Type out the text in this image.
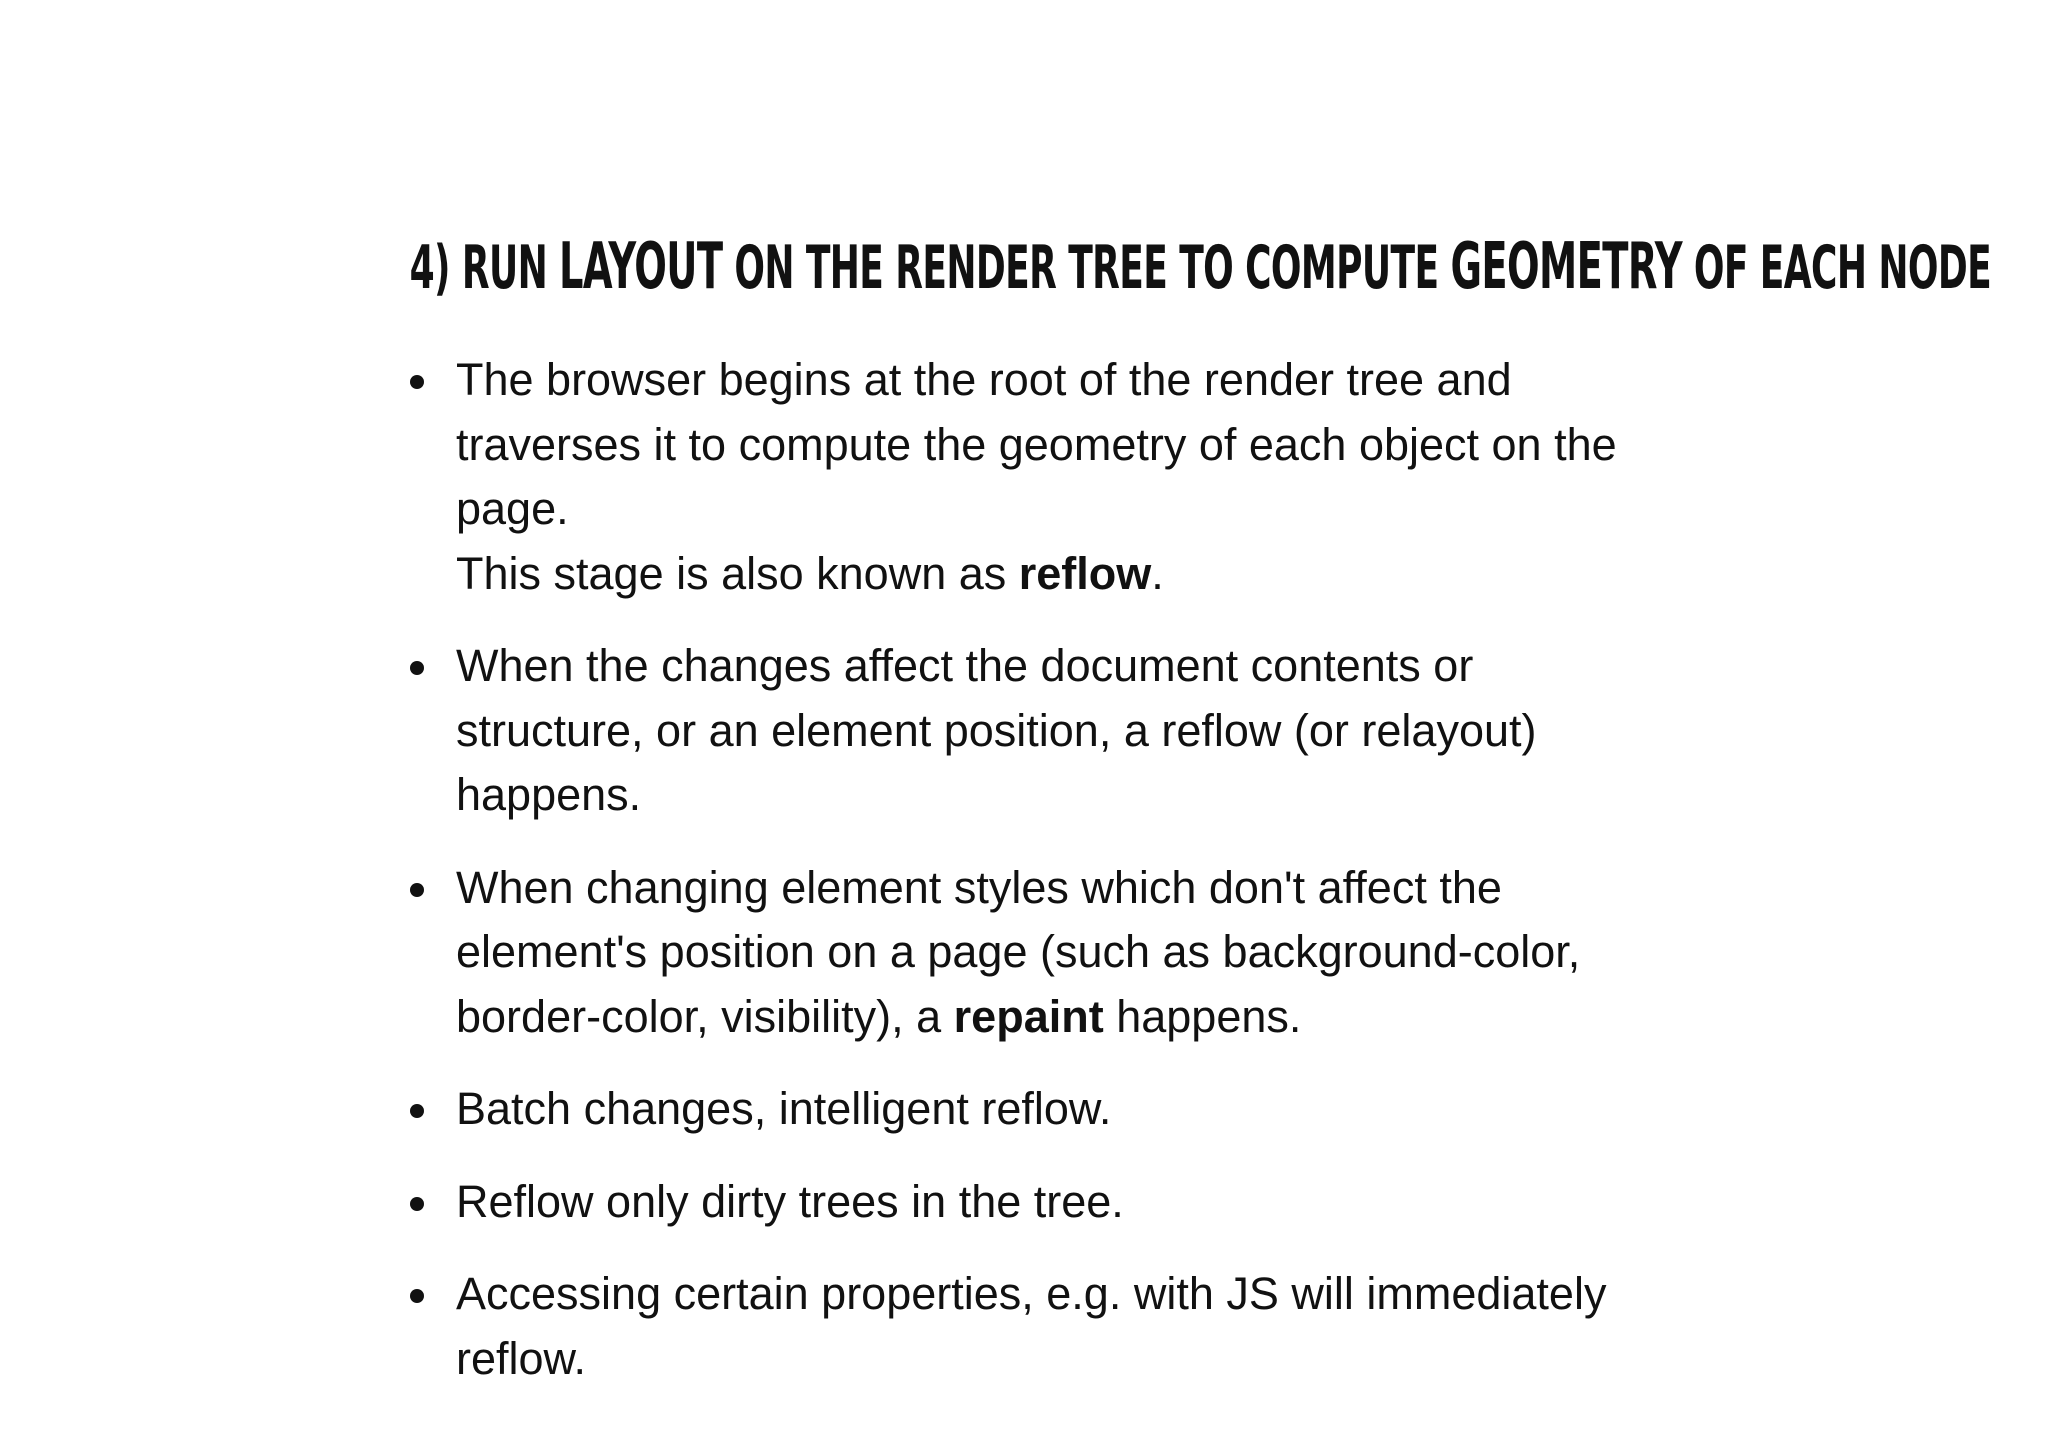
4) RUN LAYOUT ON THE RENDER TREE TO COMPUTE GEOMETRY OF EACH NODE
The browser begins at the root of the render tree and
traverses it to compute the geometry of each object on the
page.
This stage is also known as reflow.
When the changes affect the document contents or
structure, or an element position, a reflow (or relayout)
happens.
When changing element styles which don't affect the
element's position on a page (such as background-color,
border-color, visibility), a repaint happens.
Batch changes, intelligent reflow.
Reflow only dirty trees in the tree.
Accessing certain properties, e.g. with JS will immediately
reflow.
